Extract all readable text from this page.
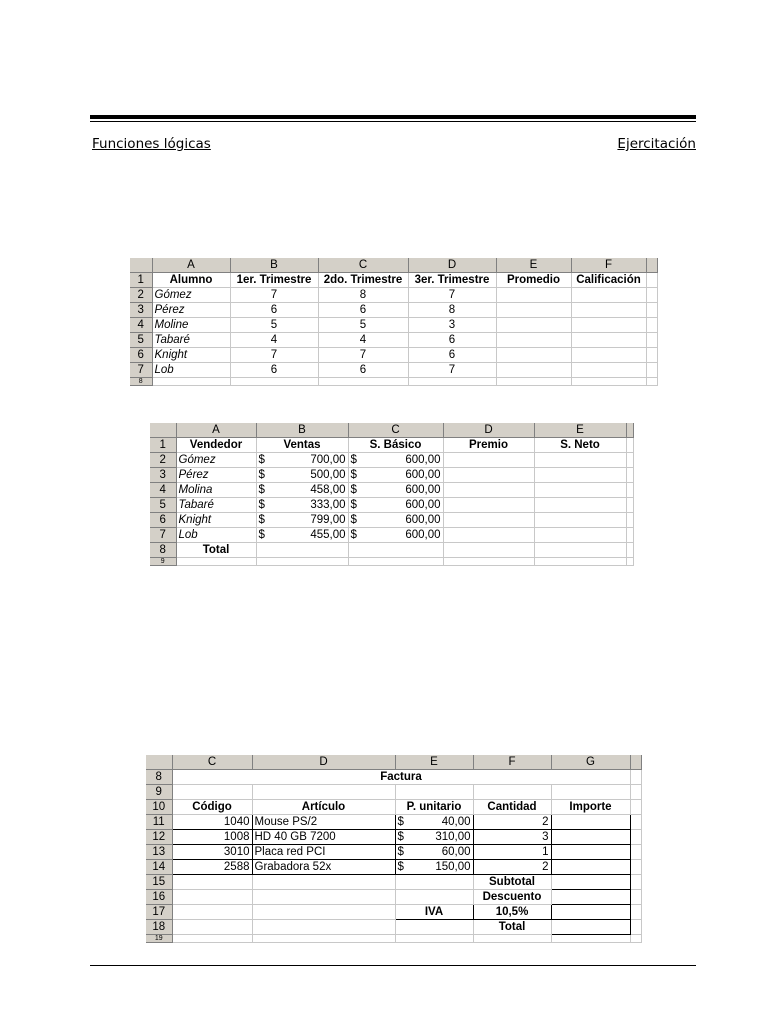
Funciones lógicas	Ejercitación
	A	B	C	D	E	F	
1	Alumno	1er. Trimestre	2do. Trimestre	3er. Trimestre	Promedio	Calificación	
2	Gómez	7	8	7			
3	Pérez	6	6	8			
4	Moline	5	5	3			
5	Tabaré	4	4	6			
6	Knight	7	7	6			
7	Lob	6	6	7			
8							
	A	B	C	D	E	
1	Vendedor	Ventas	S. Básico	Premio	S. Neto	
2	Gómez	$ 700,00	$ 600,00			

3	Pérez	$ 500,00	$ 600,00			

4	Molina	$ 458,00	$ 600,00			

5	Tabaré	$ 333,00	$ 600,00			

6	Knight	$ 799,00	$ 600,00			

7	Lob	$ 455,00	$ 600,00			

8	Total					
9						
	C	D	E	F	G	
8	Factura					
9						
10	Código	Artículo	P. unitario	Cantidad	Importe	
11	1040	Mouse PS/2	$ 40,00	2		
12	1008	HD 40 GB 7200	$ 310,00	3		
13	3010	Placa red PCI	$ 60,00	1		
14	2588	Grabadora 52x	$ 150,00	2		
15				Subtotal		
16				Descuento		
17			IVA	10,5%		
18				Total		
19						
